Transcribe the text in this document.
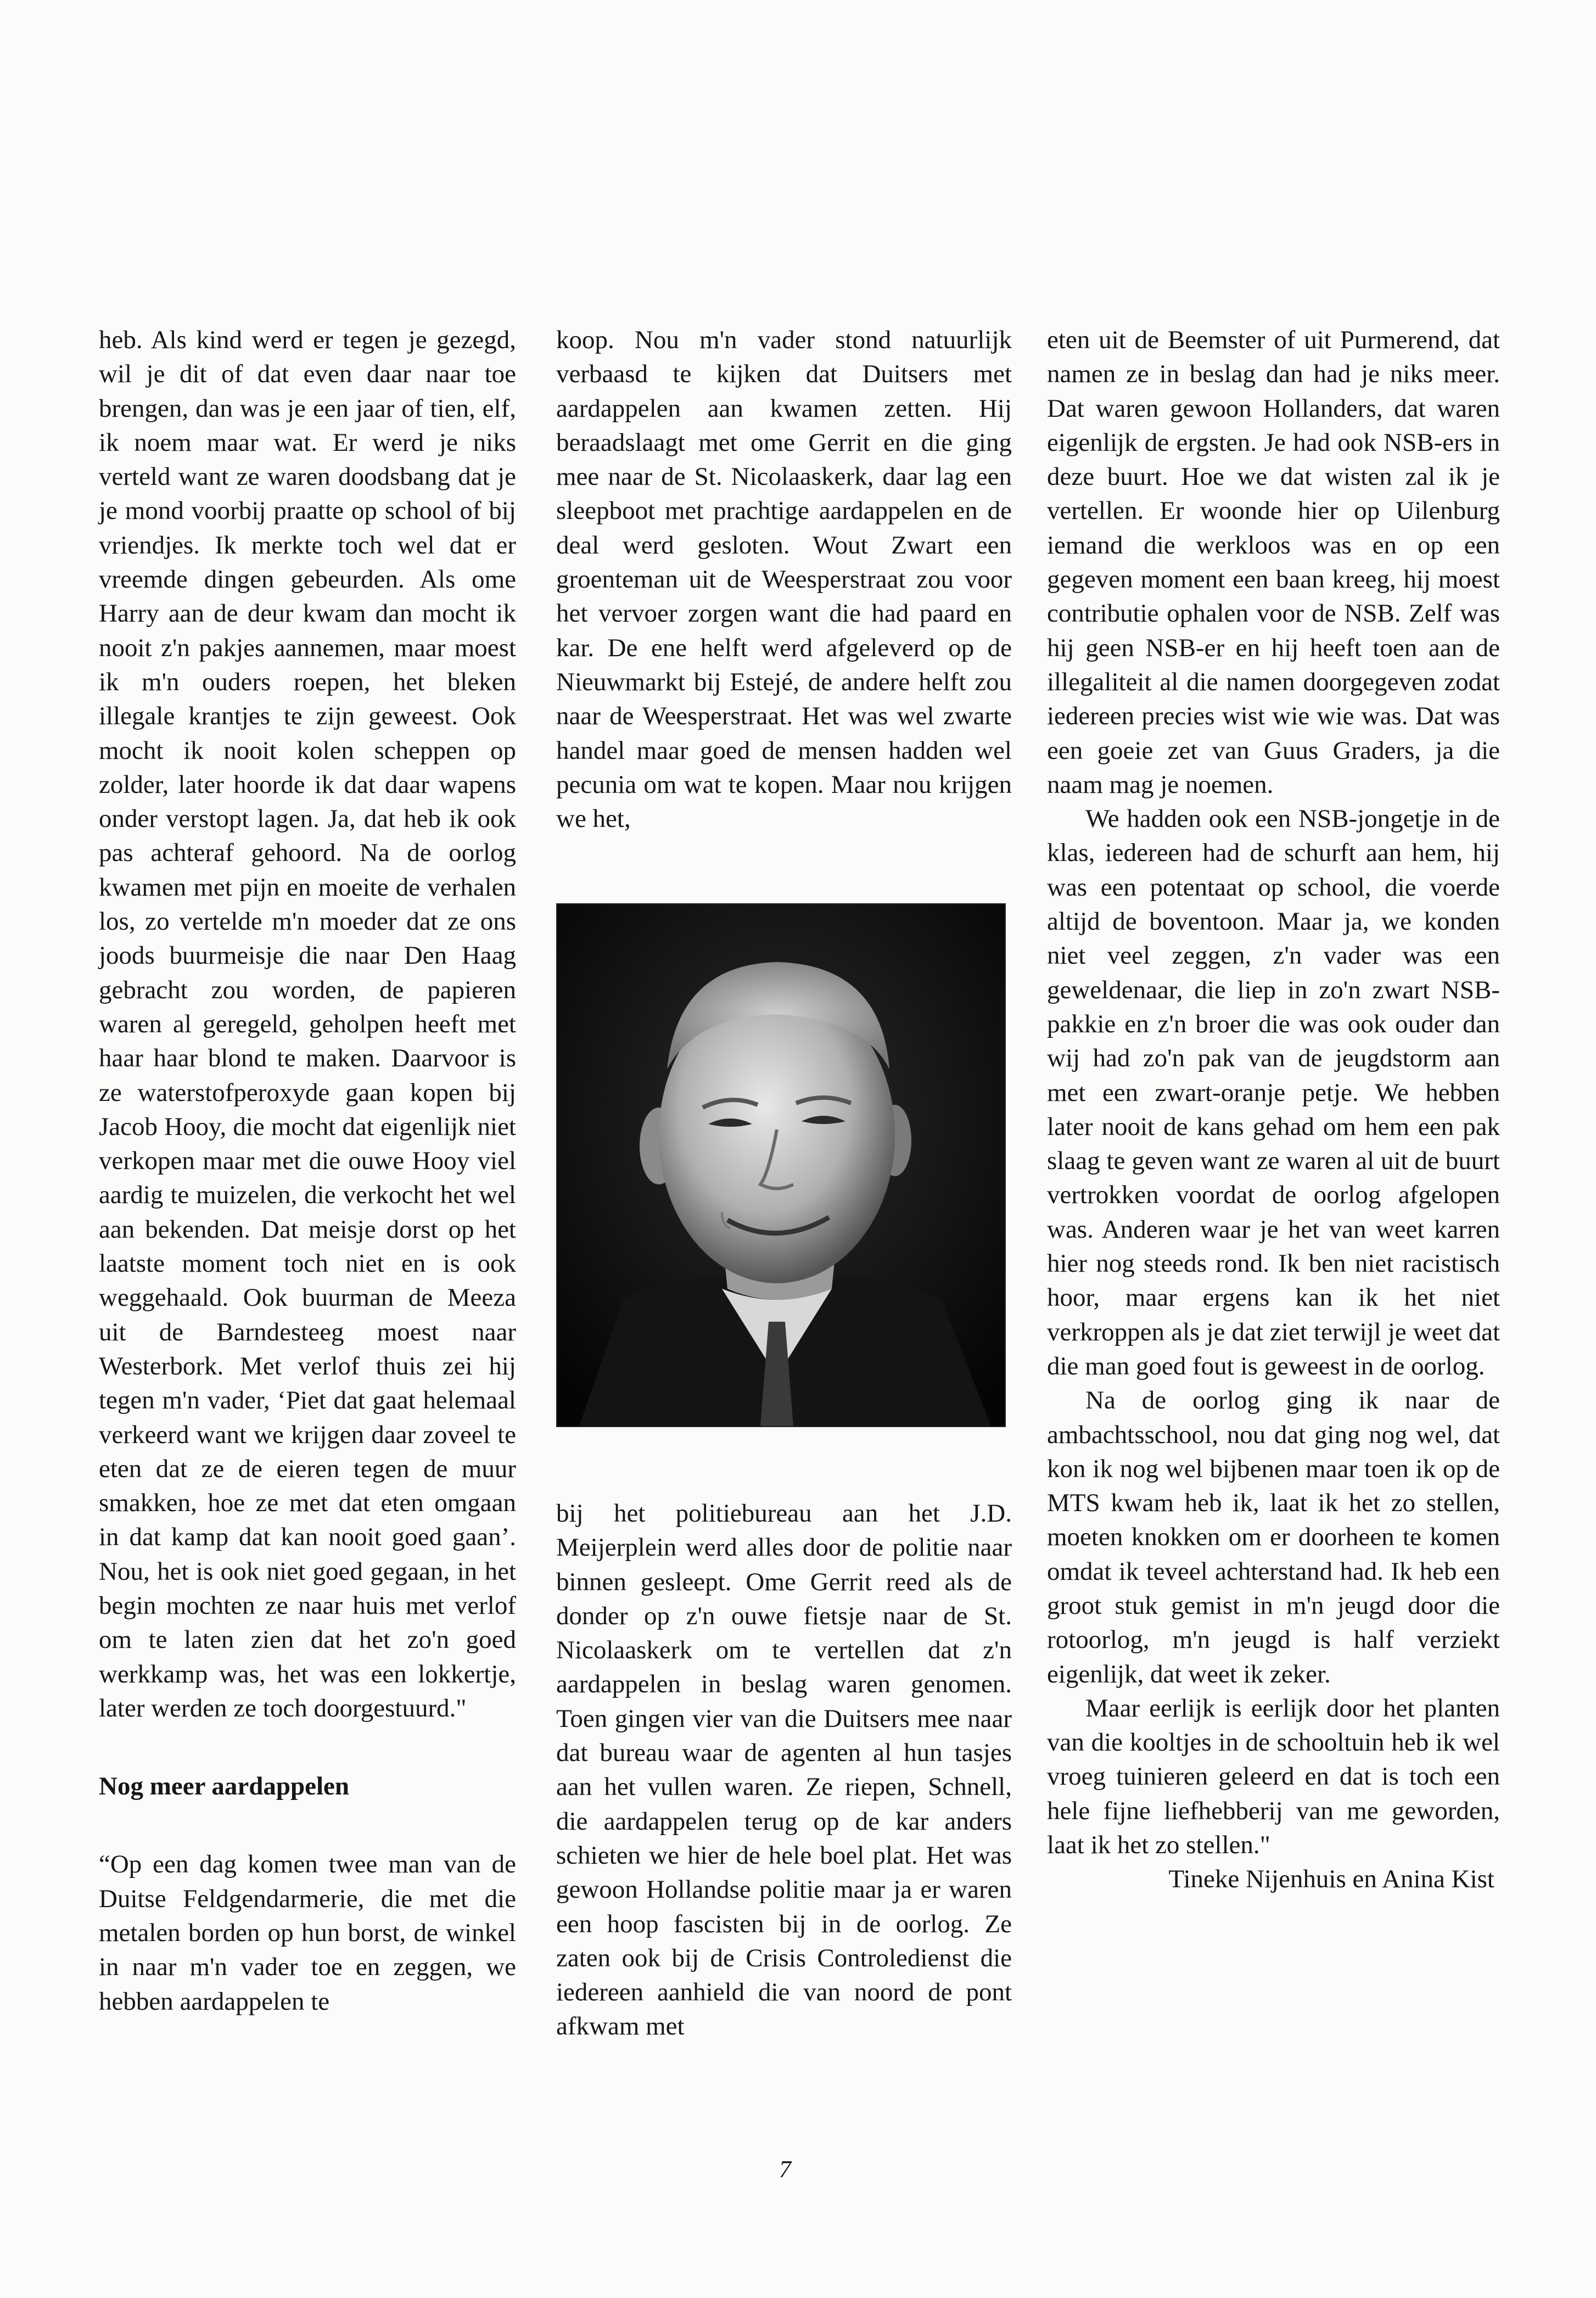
heb. Als kind werd er tegen je gezegd, wil je dit of dat even daar naar toe brengen, dan was je een jaar of tien, elf, ik noem maar wat. Er werd je niks verteld want ze waren doodsbang dat je je mond voorbij praatte op school of bij vriendjes. Ik merkte toch wel dat er vreemde dingen gebeurden. Als ome Harry aan de deur kwam dan mocht ik nooit z'n pakjes aannemen, maar moest ik m'n ouders roepen, het bleken illegale krantjes te zijn geweest. Ook mocht ik nooit kolen scheppen op zolder, later hoorde ik dat daar wapens onder verstopt lagen. Ja, dat heb ik ook pas achteraf gehoord. Na de oorlog kwamen met pijn en moeite de verhalen los, zo vertelde m'n moeder dat ze ons joods buurmeisje die naar Den Haag gebracht zou worden, de papieren waren al geregeld, geholpen heeft met haar haar blond te maken. Daarvoor is ze waterstofperoxyde gaan kopen bij Jacob Hooy, die mocht dat eigenlijk niet verkopen maar met die ouwe Hooy viel aardig te muizelen, die verkocht het wel aan bekenden. Dat meisje dorst op het laatste moment toch niet en is ook weggehaald. Ook buurman de Meeza uit de Barndesteeg moest naar Westerbork. Met verlof thuis zei hij tegen m'n vader, ‘Piet dat gaat helemaal verkeerd want we krijgen daar zoveel te eten dat ze de eieren tegen de muur smakken, hoe ze met dat eten omgaan in dat kamp dat kan nooit goed gaan’. Nou, het is ook niet goed gegaan, in het begin mochten ze naar huis met verlof om te laten zien dat het zo'n goed werkkamp was, het was een lokkertje, later werden ze toch doorgestuurd."

Nog meer aardappelen

“Op een dag komen twee man van de Duitse Feldgendarmerie, die met die metalen borden op hun borst, de winkel in naar m'n vader toe en zeggen, we hebben aardappelen te

koop. Nou m'n vader stond natuurlijk verbaasd te kijken dat Duitsers met aardappelen aan kwamen zetten. Hij beraadslaagt met ome Gerrit en die ging mee naar de St. Nicolaaskerk, daar lag een sleepboot met prachtige aardappelen en de deal werd gesloten. Wout Zwart een groenteman uit de Weesperstraat zou voor het vervoer zorgen want die had paard en kar. De ene helft werd afgeleverd op de Nieuwmarkt bij Estejé, de andere helft zou naar de Weesperstraat. Het was wel zwarte handel maar goed de mensen hadden wel pecunia om wat te kopen. Maar nou krijgen we het,

bij het politiebureau aan het J.D. Meijerplein werd alles door de politie naar binnen gesleept. Ome Gerrit reed als de donder op z'n ouwe fietsje naar de St. Nicolaaskerk om te vertellen dat z'n aardappelen in beslag waren genomen. Toen gingen vier van die Duitsers mee naar dat bureau waar de agenten al hun tasjes aan het vullen waren. Ze riepen, Schnell, die aardappelen terug op de kar anders schieten we hier de hele boel plat. Het was gewoon Hollandse politie maar ja er waren een hoop fascisten bij in de oorlog. Ze zaten ook bij de Crisis Controledienst die iedereen aanhield die van noord de pont afkwam met

eten uit de Beemster of uit Purmerend, dat namen ze in beslag dan had je niks meer. Dat waren gewoon Hollanders, dat waren eigenlijk de ergsten. Je had ook NSB-ers in deze buurt. Hoe we dat wisten zal ik je vertellen. Er woonde hier op Uilenburg iemand die werkloos was en op een gegeven moment een baan kreeg, hij moest contributie ophalen voor de NSB. Zelf was hij geen NSB-er en hij heeft toen aan de illegaliteit al die namen doorgegeven zodat iedereen precies wist wie wie was. Dat was een goeie zet van Guus Graders, ja die naam mag je noemen.

We hadden ook een NSB-jongetje in de klas, iedereen had de schurft aan hem, hij was een potentaat op school, die voerde altijd de boventoon. Maar ja, we konden niet veel zeggen, z'n vader was een geweldenaar, die liep in zo'n zwart NSB-pakkie en z'n broer die was ook ouder dan wij had zo'n pak van de jeugdstorm aan met een zwart-oranje petje. We hebben later nooit de kans gehad om hem een pak slaag te geven want ze waren al uit de buurt vertrokken voordat de oorlog afgelopen was. Anderen waar je het van weet karren hier nog steeds rond. Ik ben niet racistisch hoor, maar ergens kan ik het niet verkroppen als je dat ziet terwijl je weet dat die man goed fout is geweest in de oorlog.

Na de oorlog ging ik naar de ambachtsschool, nou dat ging nog wel, dat kon ik nog wel bijbenen maar toen ik op de MTS kwam heb ik, laat ik het zo stellen, moeten knokken om er doorheen te komen omdat ik teveel achterstand had. Ik heb een groot stuk gemist in m'n jeugd door die rotoorlog, m'n jeugd is half verziekt eigenlijk, dat weet ik zeker.

Maar eerlijk is eerlijk door het planten van die kooltjes in de schooltuin heb ik wel vroeg tuinieren geleerd en dat is toch een hele fijne liefhebberij van me geworden, laat ik het zo stellen."

Tineke Nijenhuis en Anina Kist

7
